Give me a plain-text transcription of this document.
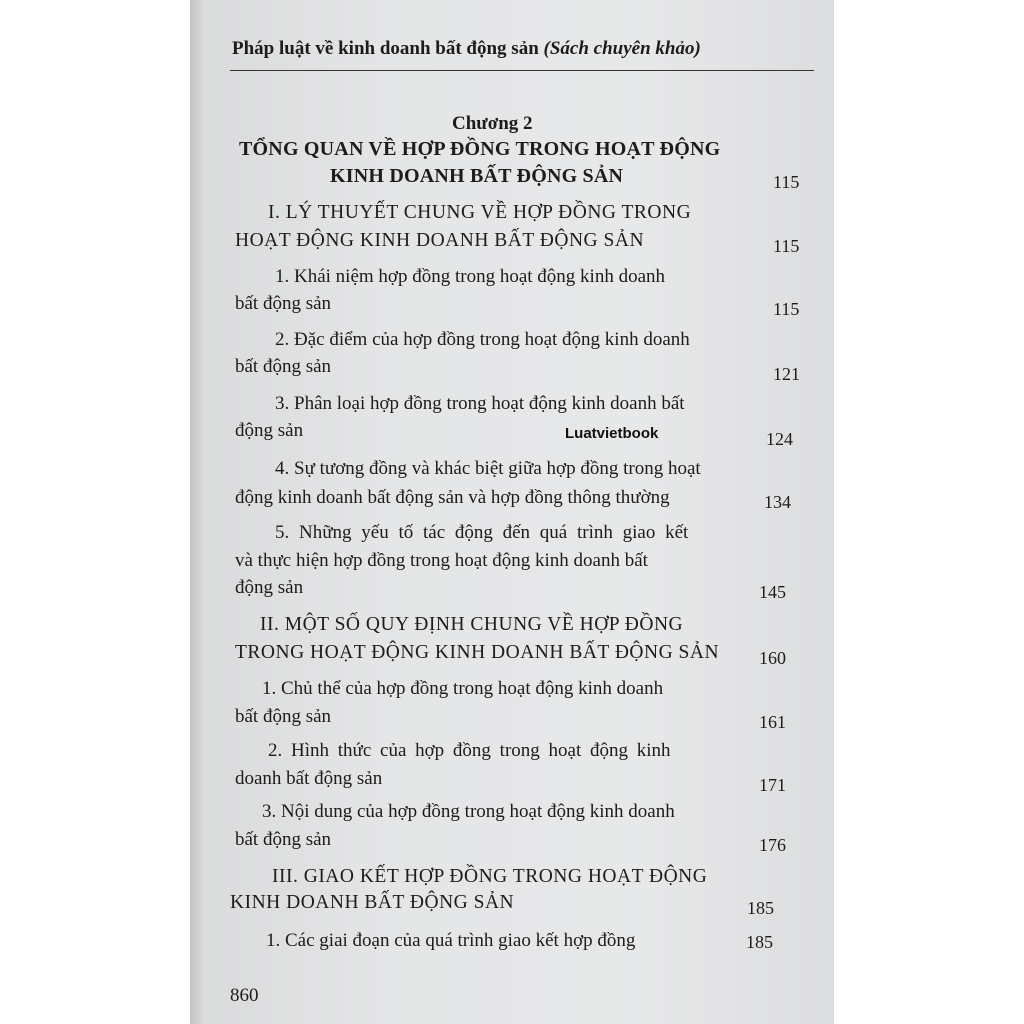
Pháp luật về kinh doanh bất động sản (Sách chuyên khảo)
Chương 2
TỔNG QUAN VỀ HỢP ĐỒNG TRONG HOẠT ĐỘNG
KINH DOANH BẤT ĐỘNG SẢN	115
I. LÝ THUYẾT CHUNG VỀ HỢP ĐỒNG TRONG
HOẠT ĐỘNG KINH DOANH BẤT ĐỘNG SẢN	115
1. Khái niệm hợp đồng trong hoạt động kinh doanh
bất động sản	115
2. Đặc điểm của hợp đồng trong hoạt động kinh doanh
bất động sản	121
3. Phân loại hợp đồng trong hoạt động kinh doanh bất
động sản	124
4. Sự tương đồng và khác biệt giữa hợp đồng trong hoạt
động kinh doanh bất động sản và hợp đồng thông thường	134
5. Những yếu tố tác động đến quá trình giao kết
và thực hiện hợp đồng trong hoạt động kinh doanh bất
động sản	145
II. MỘT SỐ QUY ĐỊNH CHUNG VỀ HỢP ĐỒNG
TRONG HOẠT ĐỘNG KINH DOANH BẤT ĐỘNG SẢN 160
1. Chủ thể của hợp đồng trong hoạt động kinh doanh
bất động sản	161
2. Hình thức của hợp đồng trong hoạt động kinh
doanh bất động sản	171
3. Nội dung của hợp đồng trong hoạt động kinh doanh
bất động sản	176
III. GIAO KẾT HỢP ĐỒNG TRONG HOẠT ĐỘNG
KINH DOANH BẤT ĐỘNG SẢN	185
1. Các giai đoạn của quá trình giao kết hợp đồng	185
Luatvietbook
860
